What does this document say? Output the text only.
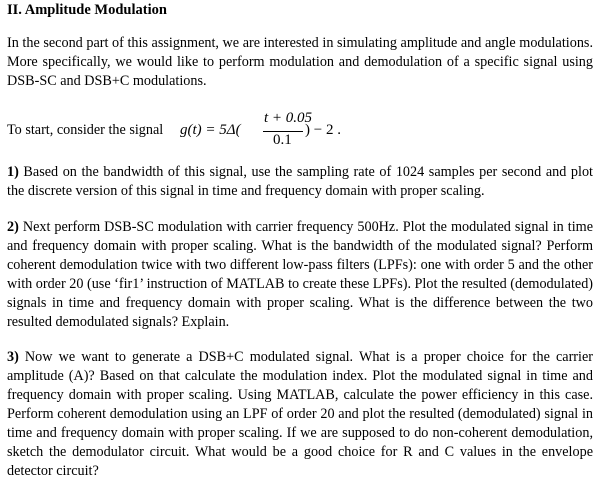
II. Amplitude Modulation
In the second part of this assignment, we are interested in simulating amplitude and angle modulations. More specifically, we would like to perform modulation and demodulation of a specific signal using DSB-SC and DSB+C modulations.
To start, consider the signal g(t) = 5Δ(
t + 0.05
0.1
) − 2 .
1) Based on the bandwidth of this signal, use the sampling rate of 1024 samples per second and plot the discrete version of this signal in time and frequency domain with proper scaling.
2) Next perform DSB-SC modulation with carrier frequency 500Hz. Plot the modulated signal in time and frequency domain with proper scaling. What is the bandwidth of the modulated signal? Perform coherent demodulation twice with two different low-pass filters (LPFs): one with order 5 and the other with order 20 (use ‘fir1’ instruction of MATLAB to create these LPFs). Plot the resulted (demodulated) signals in time and frequency domain with proper scaling. What is the difference between the two resulted demodulated signals? Explain.
3) Now we want to generate a DSB+C modulated signal. What is a proper choice for the carrier amplitude (A)? Based on that calculate the modulation index. Plot the modulated signal in time and frequency domain with proper scaling. Using MATLAB, calculate the power efficiency in this case. Perform coherent demodulation using an LPF of order 20 and plot the resulted (demodulated) signal in time and frequency domain with proper scaling. If we are supposed to do non-coherent demodulation, sketch the demodulator circuit. What would be a good choice for R and C values in the envelope detector circuit?
